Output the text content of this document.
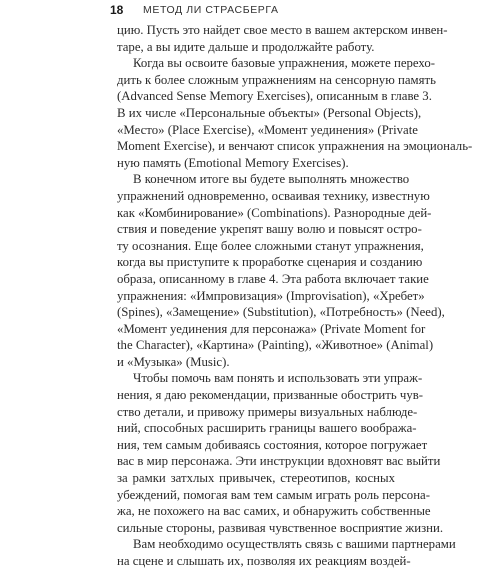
18	МЕТОД ЛИ СТРАСБЕРГА
цию. Пусть это найдет свое место в вашем актерском инвен-
таре, а вы идите дальше и продолжайте работу.
Когда вы освоите базовые упражнения, можете перехо-
дить к более сложным упражнениям на сенсорную память
(Advanced Sense Memory Exercises), описанным в главе 3.
В их числе «Персональные объекты» (Personal Objects),
«Место» (Place Exercise), «Момент уединения» (Private
Moment Exercise), и венчают список упражнения на эмоциональ-
ную память (Emotional Memory Exercises).
В конечном итоге вы будете выполнять множество
упражнений одновременно, осваивая технику, известную
как «Комбинирование» (Combinations). Разнородные дей-
ствия и поведение укрепят вашу волю и повысят остро-
ту осознания. Еще более сложными станут упражнения,
когда вы приступите к проработке сценария и созданию
образа, описанному в главе 4. Эта работа включает такие
упражнения: «Импровизация» (Improvisation), «Хребет»
(Spines), «Замещение» (Substitution), «Потребность» (Need),
«Момент уединения для персонажа» (Private Moment for
the Character), «Картина» (Painting), «Животное» (Animal)
и «Музыка» (Music).
Чтобы помочь вам понять и использовать эти упраж-
нения, я даю рекомендации, призванные обострить чув-
ство детали, и привожу примеры визуальных наблюде-
ний, способных расширить границы вашего вообража-
ния, тем самым добиваясь состояния, которое погружает
вас в мир персонажа. Эти инструкции вдохновят вас выйти
за рамки затхлых привычек, стереотипов, косных
убеждений, помогая вам тем самым играть роль персона-
жа, не похожего на вас самих, и обнаружить собственные
сильные стороны, развивая чувственное восприятие жизни.
Вам необходимо осуществлять связь с вашими партнерами
на сцене и слышать их, позволяя их реакциям воздей-
